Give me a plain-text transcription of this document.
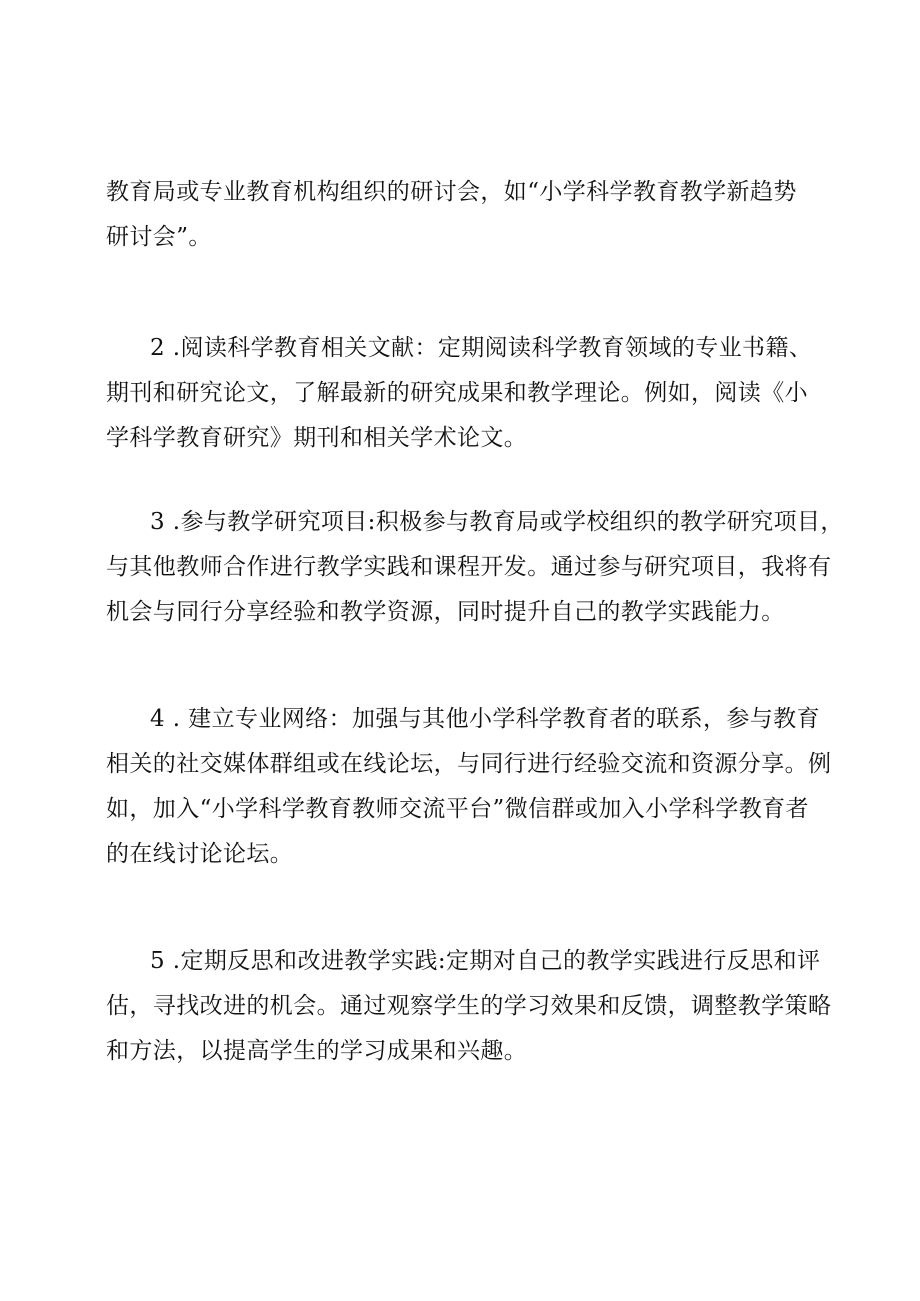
教育局或专业教育机构组织的研讨会，如“小学科学教育教学新趋势
研讨会”。
2 .阅读科学教育相关文献：定期阅读科学教育领域的专业书籍、
期刊和研究论文，了解最新的研究成果和教学理论。例如，阅读《小
学科学教育研究》期刊和相关学术论文。
3 .参与教学研究项目:积极参与教育局或学校组织的教学研究项目，
与其他教师合作进行教学实践和课程开发。通过参与研究项目，我将有
机会与同行分享经验和教学资源，同时提升自己的教学实践能力。
4 . 建立专业网络：加强与其他小学科学教育者的联系，参与教育
相关的社交媒体群组或在线论坛，与同行进行经验交流和资源分享。例
如，加入“小学科学教育教师交流平台”微信群或加入小学科学教育者
的在线讨论论坛。
5 .定期反思和改进教学实践:定期对自己的教学实践进行反思和评
估，寻找改进的机会。通过观察学生的学习效果和反馈，调整教学策略
和方法，以提高学生的学习成果和兴趣。
